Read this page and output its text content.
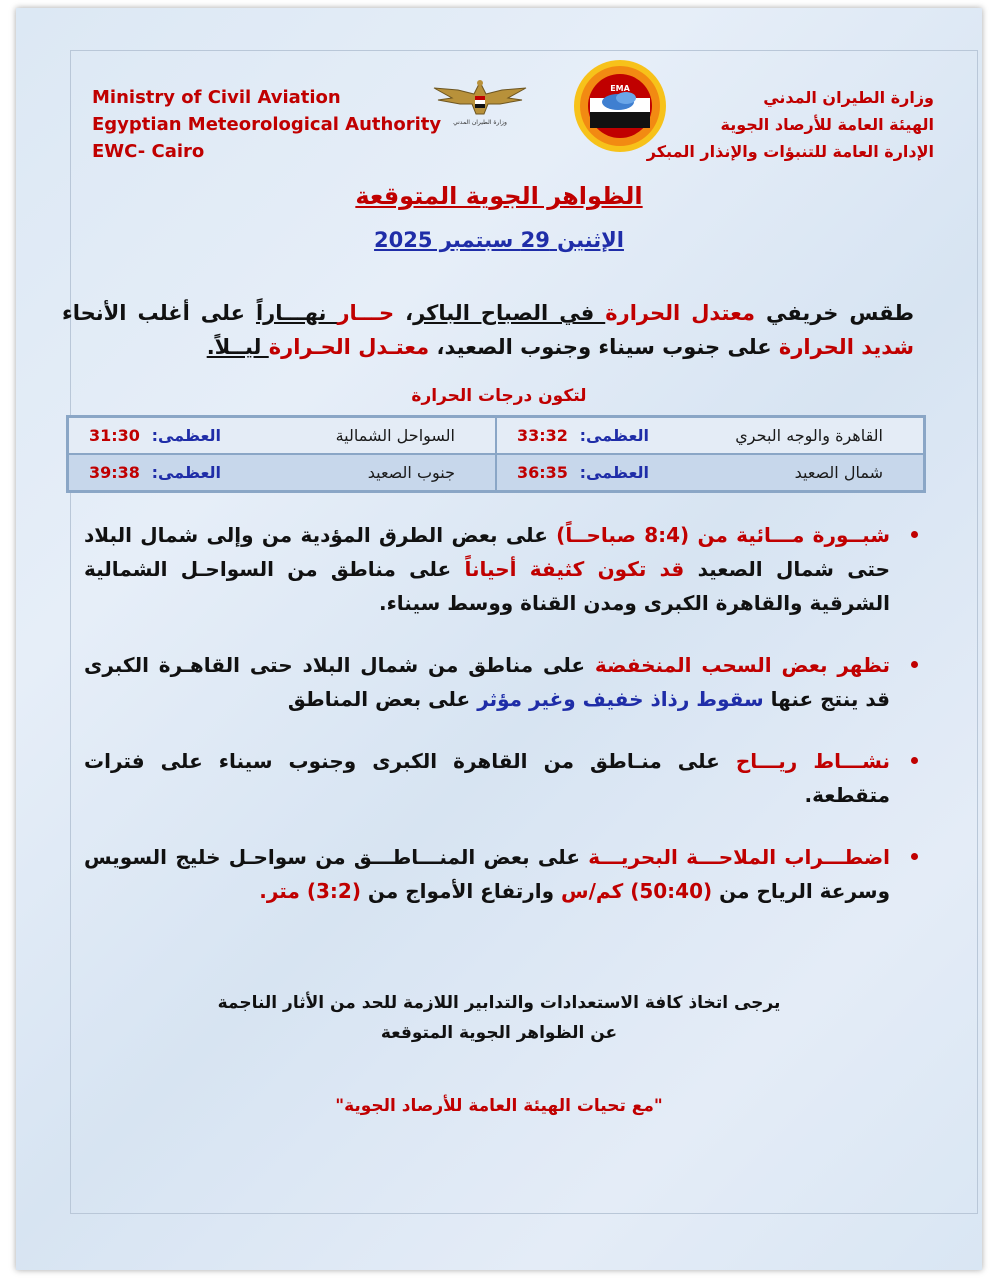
Ministry of Civil Aviation
Egyptian Meteorological Authority
EWC- Cairo
وزارة الطيران المدني
EMA	وزارة الطيران المدني
الهيئة العامة للأرصاد الجوية
الإدارة العامة للتنبؤات والإنذار المبكر
الظواهر الجوية المتوقعة
الإثنين 29 سبتمبر 2025
طقس خريفي معتدل الحرارة في الصباح الباكر، حـــار نهـــاراً على أغلب الأنحاء شديد الحرارة على جنوب سيناء وجنوب الصعيد، معتـدل الحـرارة ليــلاً.
لتكون درجات الحرارة
القاهرة والوجه البحري
العظمى:
33:32
السواحل الشمالية
العظمى:
31:30
شمال الصعيد
العظمى:
36:35
جنوب الصعيد
العظمى:
39:38
شبــورة مـــائية من (8:4 صباحــاً) على بعض الطرق المؤدية من وإلى شمال البلاد حتى شمال الصعيد قد تكون كثيفة أحياناً على مناطق من السواحـل الشمالية الشرقية والقاهرة الكبرى ومدن القناة ووسط سيناء.
تظهر بعض السحب المنخفضة على مناطق من شمال البلاد حتى القاهـرة الكبرى قد ينتج عنها سقوط رذاذ خفيف وغير مؤثر على بعض المناطق
نشـــاط ريـــاح على منـاطق من القاهرة الكبرى وجنوب سيناء على فترات متقطعة.
اضطـــراب الملاحـــة البحريـــة على بعض المنـــاطـــق من سواحـل خليج السويس وسرعة الرياح من (50:40) كم/س وارتفاع الأمواج من (3:2) متر.
يرجى اتخاذ كافة الاستعدادات والتدابير اللازمة للحد من الأثار الناجمة
عن الظواهر الجوية المتوقعة
"مع تحيات الهيئة العامة للأرصاد الجوية"
